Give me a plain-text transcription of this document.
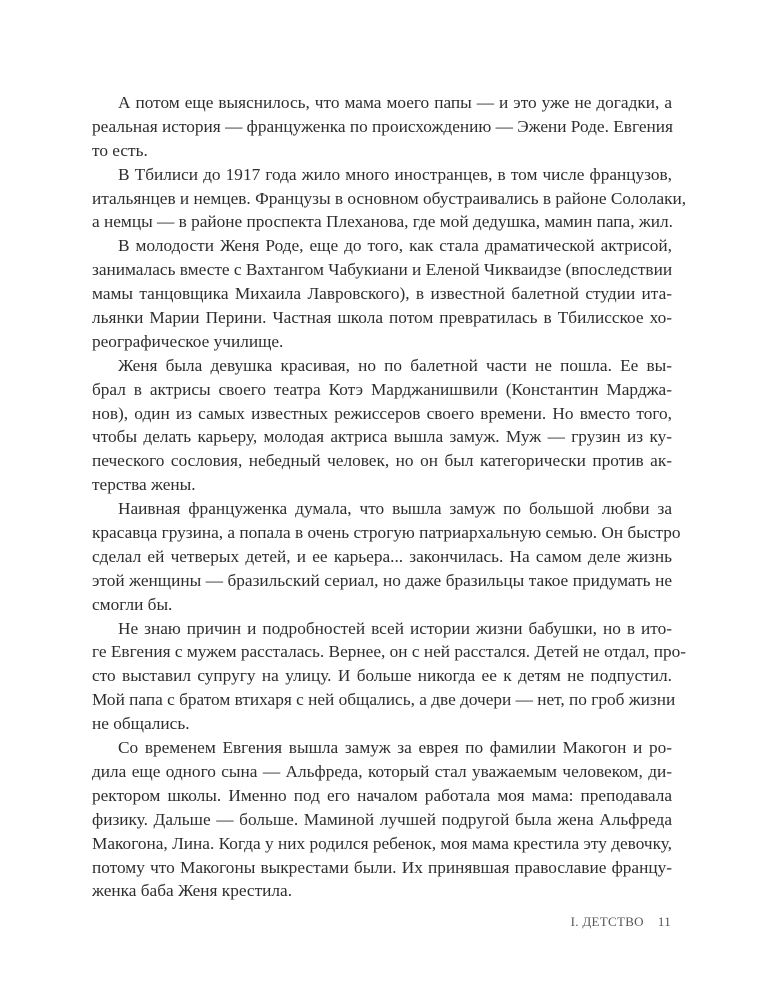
А потом еще выяснилось, что мама моего папы — и это уже не догадки, а
реальная история — француженка по происхождению — Эжени Роде. Евгения
то есть.
В Тбилиси до 1917 года жило много иностранцев, в том числе французов,
итальянцев и немцев. Французы в основном обустраивались в районе Сололаки,
а немцы — в районе проспекта Плеханова, где мой дедушка, мамин папа, жил.
В молодости Женя Роде, еще до того, как стала драматической актрисой,
занималась вместе с Вахтангом Чабукиани и Еленой Чикваидзе (впоследствии
мамы танцовщика Михаила Лавровского), в известной балетной студии ита-
льянки Марии Перини. Частная школа потом превратилась в Тбилисское хо-
реографическое училище.
Женя была девушка красивая, но по балетной части не пошла. Ее вы-
брал в актрисы своего театра Котэ Марджанишвили (Константин Марджа-
нов), один из самых известных режиссеров своего времени. Но вместо того,
чтобы делать карьеру, молодая актриса вышла замуж. Муж — грузин из ку-
печеского сословия, небедный человек, но он был категорически против ак-
терства жены.
Наивная француженка думала, что вышла замуж по большой любви за
красавца грузина, а попала в очень строгую патриархальную семью. Он быстро
сделал ей четверых детей, и ее карьера... закончилась. На самом деле жизнь
этой женщины — бразильский сериал, но даже бразильцы такое придумать не
смогли бы.
Не знаю причин и подробностей всей истории жизни бабушки, но в ито-
ге Евгения с мужем рассталась. Вернее, он с ней расстался. Детей не отдал, про-
сто выставил супругу на улицу. И больше никогда ее к детям не подпустил.
Мой папа с братом втихаря с ней общались, а две дочери — нет, по гроб жизни
не общались.
Со временем Евгения вышла замуж за еврея по фамилии Макогон и ро-
дила еще одного сына — Альфреда, который стал уважаемым человеком, ди-
ректором школы. Именно под его началом работала моя мама: преподавала
физику. Дальше — больше. Маминой лучшей подругой была жена Альфреда
Макогона, Лина. Когда у них родился ребенок, моя мама крестила эту девочку,
потому что Макогоны выкрестами были. Их принявшая православие францу-
женка баба Женя крестила.
I. ДЕТСТВО 11
